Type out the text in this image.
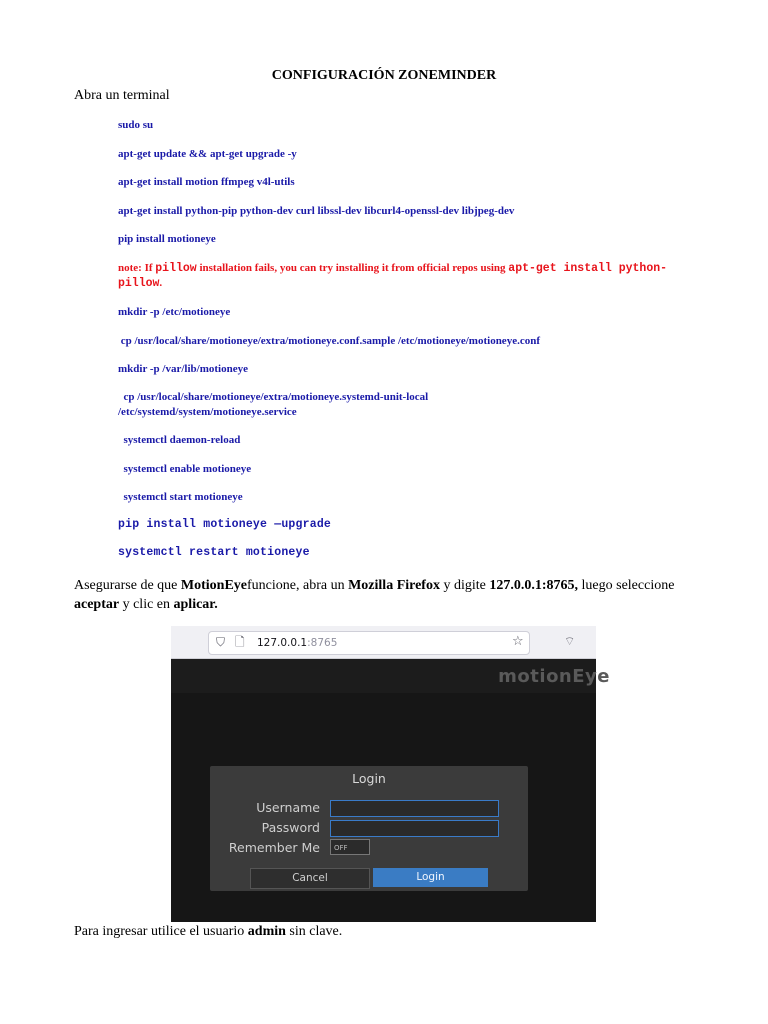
CONFIGURACIÓN ZONEMINDER
Abra un terminal
sudo su
apt-get update && apt-get upgrade -y
apt-get install motion ffmpeg v4l-utils
apt-get install python-pip python-dev curl libssl-dev libcurl4-openssl-dev libjpeg-dev
pip install motioneye
note: If pillow installation fails, you can try installing it from official repos using apt-get install python-pillow.
mkdir -p /etc/motioneye
cp /usr/local/share/motioneye/extra/motioneye.conf.sample /etc/motioneye/motioneye.conf
mkdir -p /var/lib/motioneye
cp /usr/local/share/motioneye/extra/motioneye.systemd-unit-local
/etc/systemd/system/motioneye.service
systemctl daemon-reload
systemctl enable motioneye
systemctl start motioneye
pip install motioneye —upgrade
systemctl restart motioneye
Asegurarse de que MotionEyefuncione, abra un Mozilla Firefox y digite 127.0.0.1:8765, luego seleccione aceptar y clic en aplicar.
⛉ 🗋 127.0.0.1:8765	☆	⌔
motionEye
Login
Username
Password
Remember Me	OFF
Cancel	Login
Para ingresar utilice el usuario admin sin clave.
